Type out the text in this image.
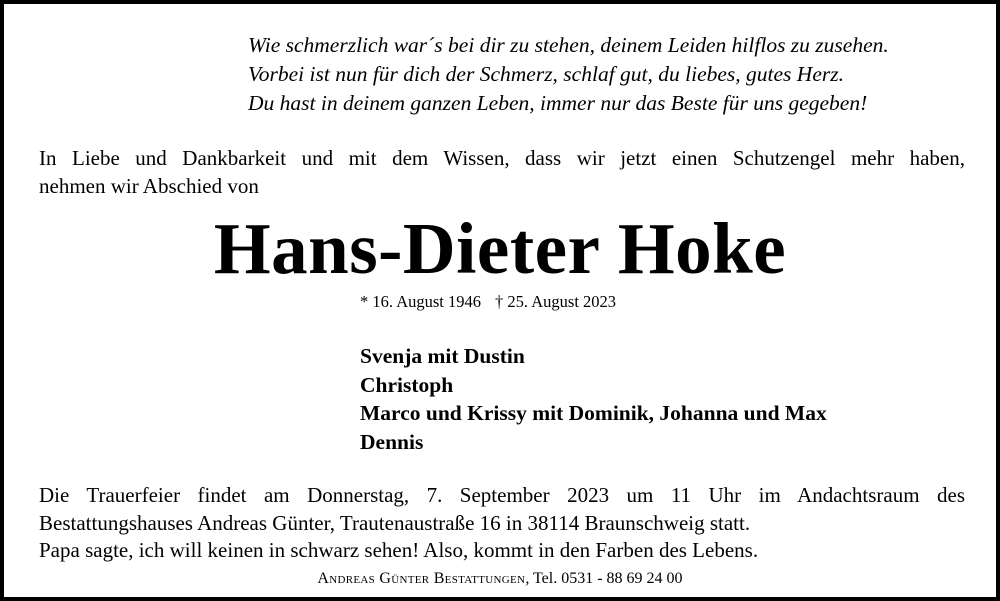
Wie schmerzlich war´s bei dir zu stehen, deinem Leiden hilflos zu zusehen.
Vorbei ist nun für dich der Schmerz, schlaf gut, du liebes, gutes Herz.
Du hast in deinem ganzen Leben, immer nur das Beste für uns gegeben!
In Liebe und Dankbarkeit und mit dem Wissen, dass wir jetzt einen Schutzengel mehr haben,
nehmen wir Abschied von
Hans-Dieter Hoke
* 16. August 1946 † 25. August 2023
Svenja mit Dustin
Christoph
Marco und Krissy mit Dominik, Johanna und Max
Dennis
Die Trauerfeier findet am Donnerstag, 7. September 2023 um 11 Uhr im Andachtsraum des
Bestattungshauses Andreas Günter, Trautenaustraße 16 in 38114 Braunschweig statt.
Papa sagte, ich will keinen in schwarz sehen! Also, kommt in den Farben des Lebens.
Andreas Günter Bestattungen, Tel. 0531 - 88 69 24 00
